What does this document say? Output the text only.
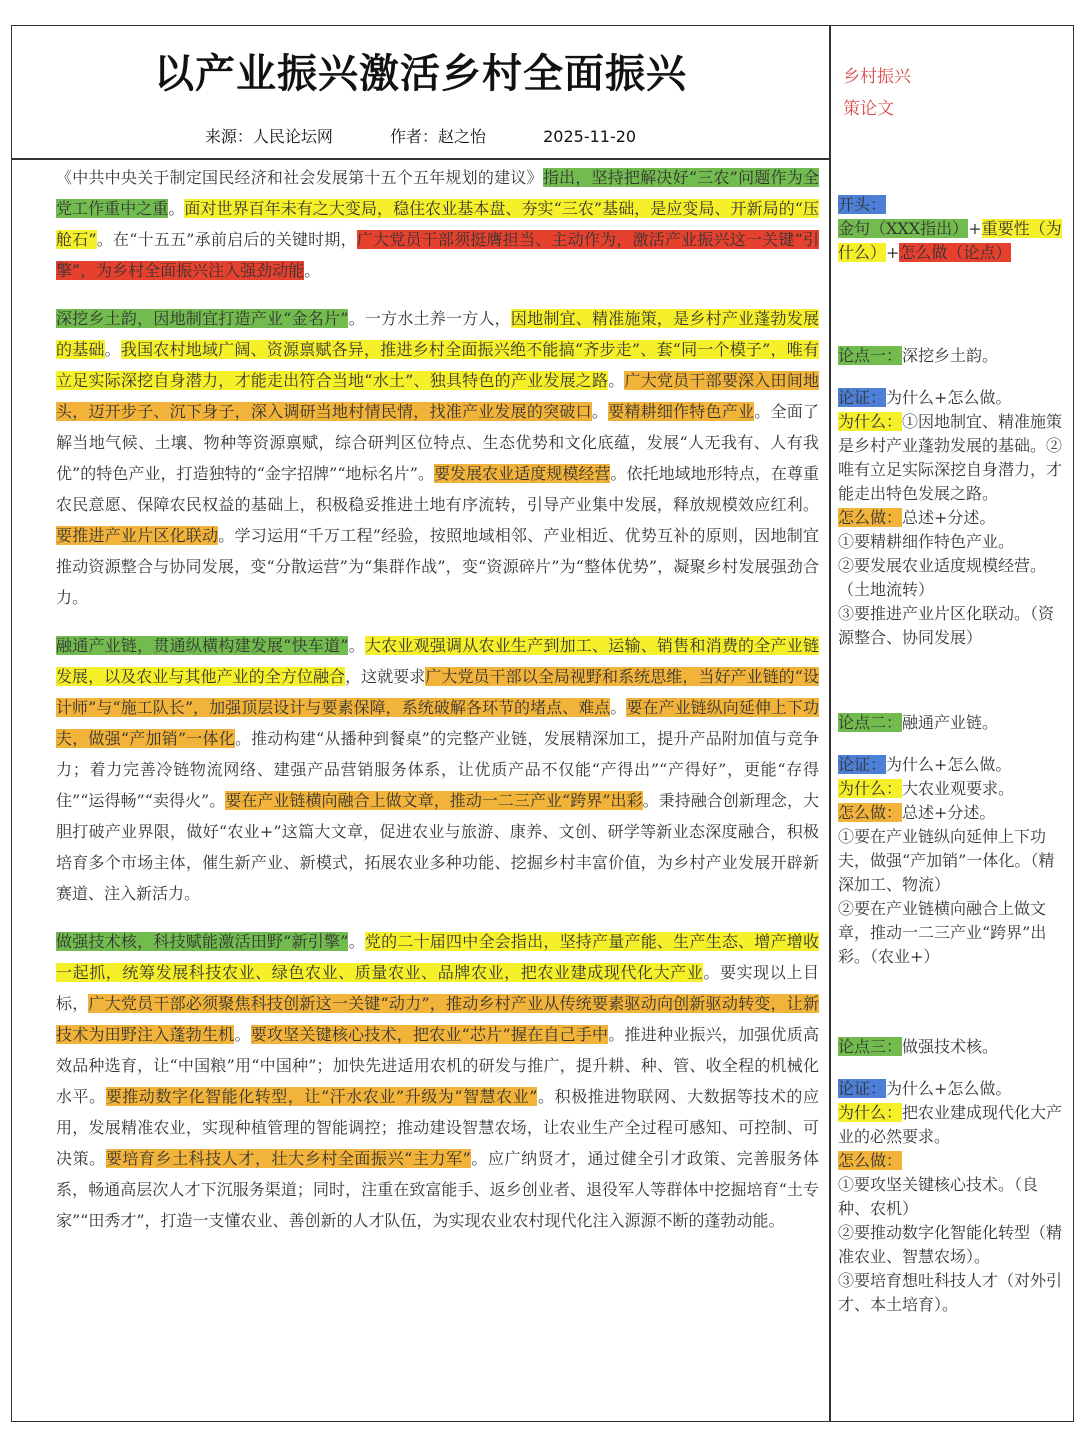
以产业振兴激活乡村全面振兴
来源：人民论坛网	作者：赵之怡	2025-11-20
乡村振兴
策论文

《中共中央关于制定国民经济和社会发展第十五个五年规划的建议》指出，坚持把解决好“三农”问题作为全党工作重中之重。面对世界百年未有之大变局，稳住农业基本盘、夯实“三农”基础，是应变局、开新局的“压舱石”。在“十五五”承前启后的关键时期，广大党员干部须挺膺担当、主动作为，激活产业振兴这一关键“引擎”，为乡村全面振兴注入强劲动能。

深挖乡土韵，因地制宜打造产业“金名片”。一方水土养一方人，因地制宜、精准施策，是乡村产业蓬勃发展的基础。我国农村地域广阔、资源禀赋各异，推进乡村全面振兴绝不能搞“齐步走”、套“同一个模子”，唯有立足实际深挖自身潜力，才能走出符合当地“水土”、独具特色的产业发展之路。广大党员干部要深入田间地头，迈开步子、沉下身子，深入调研当地村情民情，找准产业发展的突破口。要精耕细作特色产业。全面了解当地气候、土壤、物种等资源禀赋，综合研判区位特点、生态优势和文化底蕴，发展“人无我有、人有我优”的特色产业，打造独特的“金字招牌”“地标名片”。要发展农业适度规模经营。依托地域地形特点，在尊重农民意愿、保障农民权益的基础上，积极稳妥推进土地有序流转，引导产业集中发展，释放规模效应红利。要推进产业片区化联动。学习运用“千万工程”经验，按照地域相邻、产业相近、优势互补的原则，因地制宜推动资源整合与协同发展，变“分散运营”为“集群作战”，变“资源碎片”为“整体优势”，凝聚乡村发展强劲合力。

融通产业链，贯通纵横构建发展“快车道”。大农业观强调从农业生产到加工、运输、销售和消费的全产业链发展，以及农业与其他产业的全方位融合，这就要求广大党员干部以全局视野和系统思维，当好产业链的“设计师”与“施工队长”，加强顶层设计与要素保障，系统破解各环节的堵点、难点。要在产业链纵向延伸上下功夫，做强“产加销”一体化。推动构建“从播种到餐桌”的完整产业链，发展精深加工，提升产品附加值与竞争力；着力完善冷链物流网络、建强产品营销服务体系，让优质产品不仅能“产得出”“产得好”，更能“存得住”“运得畅”“卖得火”。要在产业链横向融合上做文章，推动一二三产业“跨界”出彩。秉持融合创新理念，大胆打破产业界限，做好“农业+”这篇大文章，促进农业与旅游、康养、文创、研学等新业态深度融合，积极培育多个市场主体，催生新产业、新模式，拓展农业多种功能、挖掘乡村丰富价值，为乡村产业发展开辟新赛道、注入新活力。

做强技术核，科技赋能激活田野“新引擎”。党的二十届四中全会指出，坚持产量产能、生产生态、增产增收一起抓，统筹发展科技农业、绿色农业、质量农业、品牌农业，把农业建成现代化大产业。要实现以上目标，广大党员干部必须聚焦科技创新这一关键“动力”，推动乡村产业从传统要素驱动向创新驱动转变，让新技术为田野注入蓬勃生机。要攻坚关键核心技术，把农业“芯片”握在自己手中。推进种业振兴，加强优质高效品种选育，让“中国粮”用“中国种”；加快先进适用农机的研发与推广，提升耕、种、管、收全程的机械化水平。要推动数字化智能化转型，让“汗水农业”升级为“智慧农业”。积极推进物联网、大数据等技术的应用，发展精准农业，实现种植管理的智能调控；推动建设智慧农场，让农业生产全过程可感知、可控制、可决策。要培育乡土科技人才，壮大乡村全面振兴“主力军”。应广纳贤才，通过健全引才政策、完善服务体系，畅通高层次人才下沉服务渠道；同时，注重在致富能手、返乡创业者、退役军人等群体中挖掘培育“土专家”“田秀才”，打造一支懂农业、善创新的人才队伍，为实现农业农村现代化注入源源不断的蓬勃动能。

开头：

金句（XXX指出）+重要性（为什么）+怎么做（论点）

论点一：深挖乡土韵。

论证：为什么+怎么做。

为什么：①因地制宜、精准施策是乡村产业蓬勃发展的基础。②唯有立足实际深挖自身潜力，才能走出特色发展之路。

怎么做：总述+分述。

①要精耕细作特色产业。

②要发展农业适度规模经营。（土地流转）

③要推进产业片区化联动。（资源整合、协同发展）

论点二：融通产业链。

论证：为什么+怎么做。

为什么：大农业观要求。

怎么做：总述+分述。

①要在产业链纵向延伸上下功夫，做强“产加销”一体化。（精深加工、物流）

②要在产业链横向融合上做文章，推动一二三产业“跨界”出彩。（农业+）

论点三：做强技术核。

论证：为什么+怎么做。

为什么：把农业建成现代化大产业的必然要求。

怎么做：

①要攻坚关键核心技术。（良种、农机）

②要推动数字化智能化转型（精准农业、智慧农场）。

③要培育想吐科技人才（对外引才、本土培育）。
